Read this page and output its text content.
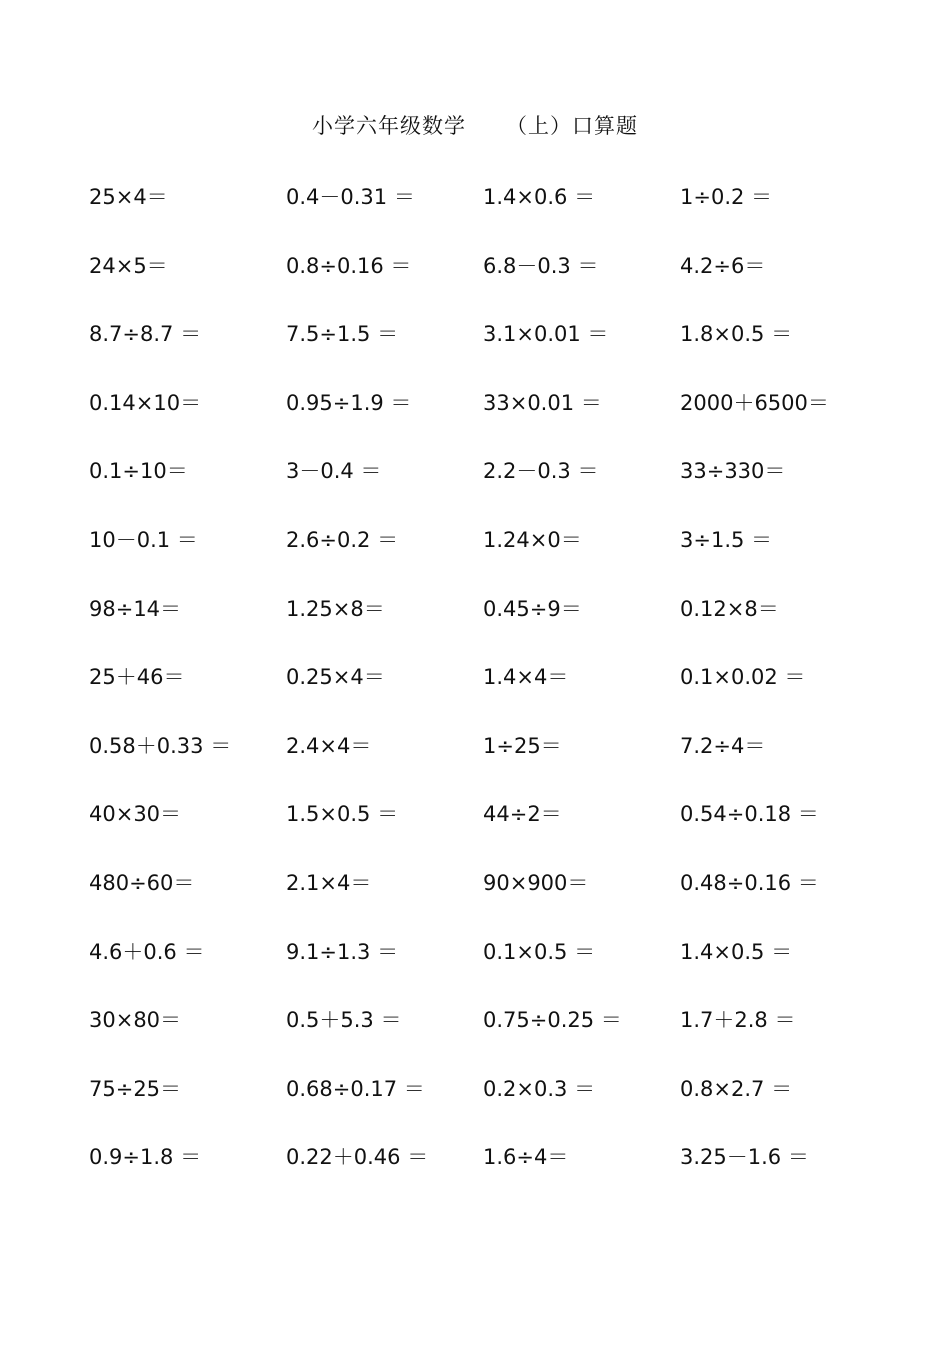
小学六年级数学 （上）口算题
25×4＝	0.4－0.31 ＝	1.4×0.6 ＝	1÷0.2 ＝
24×5＝	0.8÷0.16 ＝	6.8－0.3 ＝	4.2÷6＝
8.7÷8.7 ＝	7.5÷1.5 ＝	3.1×0.01 ＝	1.8×0.5 ＝
0.14×10＝	0.95÷1.9 ＝	33×0.01 ＝	2000＋6500＝
0.1÷10＝	3－0.4 ＝	2.2－0.3 ＝	33÷330＝
10－0.1 ＝	2.6÷0.2 ＝	1.24×0＝	3÷1.5 ＝
98÷14＝	1.25×8＝	0.45÷9＝	0.12×8＝
25＋46＝	0.25×4＝	1.4×4＝	0.1×0.02 ＝
0.58＋0.33 ＝	2.4×4＝	1÷25＝	7.2÷4＝
40×30＝	1.5×0.5 ＝	44÷2＝	0.54÷0.18 ＝
480÷60＝	2.1×4＝	90×900＝	0.48÷0.16 ＝
4.6＋0.6 ＝	9.1÷1.3 ＝	0.1×0.5 ＝	1.4×0.5 ＝
30×80＝	0.5＋5.3 ＝	0.75÷0.25 ＝	1.7＋2.8 ＝
75÷25＝	0.68÷0.17 ＝	0.2×0.3 ＝	0.8×2.7 ＝
0.9÷1.8 ＝	0.22＋0.46 ＝	1.6÷4＝	3.25－1.6 ＝
